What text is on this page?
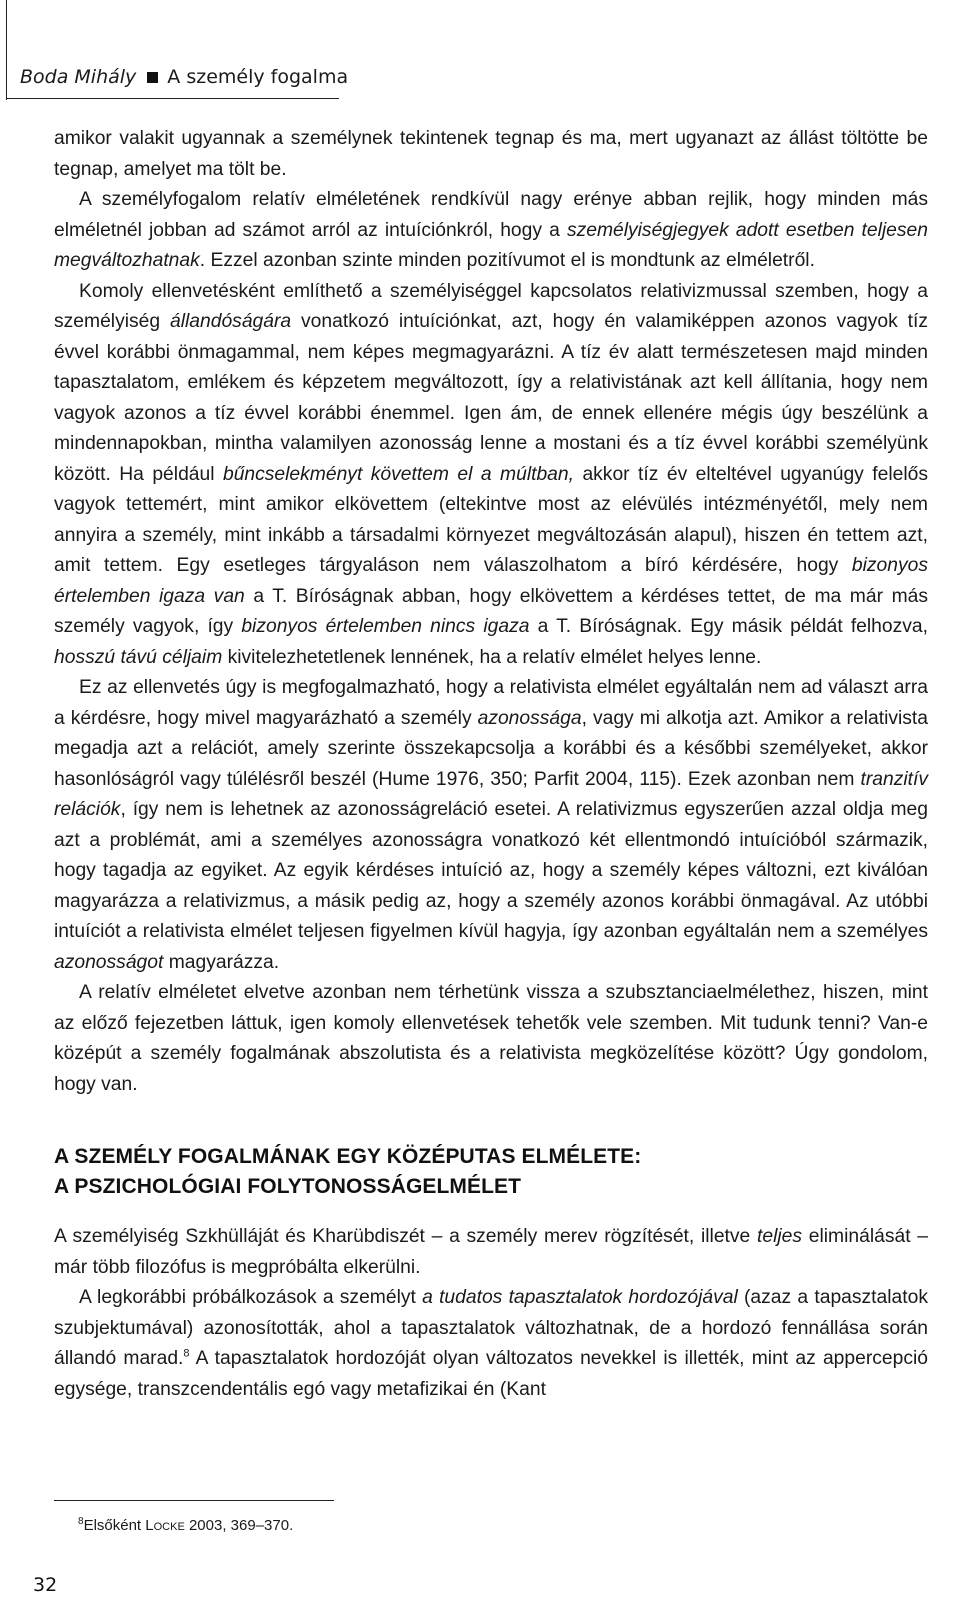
Boda Mihály A személy fogalma

amikor valakit ugyannak a személynek tekintenek tegnap és ma, mert ugyanazt az állást töltötte be tegnap, amelyet ma tölt be.

A személyfogalom relatív elméletének rendkívül nagy erénye abban rejlik, hogy minden más elméletnél jobban ad számot arról az intuíciónkról, hogy a személyiségjegyek adott esetben teljesen megváltozhatnak. Ezzel azonban szinte minden pozitívumot el is mondtunk az elméletről.

Komoly ellenvetésként említhető a személyiséggel kapcsolatos relativizmussal szemben, hogy a személyiség állandóságára vonatkozó intuíciónkat, azt, hogy én valamiképpen azonos vagyok tíz évvel korábbi önmagammal, nem képes megmagyarázni. A tíz év alatt természetesen majd minden tapasztalatom, emlékem és képzetem megváltozott, így a relativistának azt kell állítania, hogy nem vagyok azonos a tíz évvel korábbi énemmel. Igen ám, de ennek ellenére mégis úgy beszélünk a mindennapokban, mintha valamilyen azonosság lenne a mostani és a tíz évvel korábbi személyünk között. Ha például bűncselekményt követtem el a múltban, akkor tíz év elteltével ugyanúgy felelős vagyok tettemért, mint amikor elkövettem (eltekintve most az elévülés intézményétől, mely nem annyira a személy, mint inkább a társadalmi környezet megváltozásán alapul), hiszen én tettem azt, amit tettem. Egy esetleges tárgyaláson nem válaszolhatom a bíró kérdésére, hogy bizonyos értelemben igaza van a T. Bíróságnak abban, hogy elkövettem a kérdéses tettet, de ma már más személy vagyok, így bizonyos értelemben nincs igaza a T. Bíróságnak. Egy másik példát felhozva, hosszú távú céljaim kivitelezhetetlenek lennének, ha a relatív elmélet helyes lenne.

Ez az ellenvetés úgy is megfogalmazható, hogy a relativista elmélet egyáltalán nem ad választ arra a kérdésre, hogy mivel magyarázható a személy azonossága, vagy mi alkotja azt. Amikor a relativista megadja azt a relációt, amely szerinte összekapcsolja a korábbi és a későbbi személyeket, akkor hasonlóságról vagy túlélésről beszél (Hume 1976, 350; Parfit 2004, 115). Ezek azonban nem tranzitív relációk, így nem is lehetnek az azonosságreláció esetei. A relativizmus egyszerűen azzal oldja meg azt a problémát, ami a személyes azonosságra vonatkozó két ellentmondó intuícióból származik, hogy tagadja az egyiket. Az egyik kérdéses intuíció az, hogy a személy képes változni, ezt kiválóan magyarázza a relativizmus, a másik pedig az, hogy a személy azonos korábbi önmagával. Az utóbbi intuíciót a relativista elmélet teljesen figyelmen kívül hagyja, így azonban egyáltalán nem a személyes azonosságot magyarázza.

A relatív elméletet elvetve azonban nem térhetünk vissza a szubsztanciaelmélethez, hiszen, mint az előző fejezetben láttuk, igen komoly ellenvetések tehetők vele szemben. Mit tudunk tenni? Van-e középút a személy fogalmának abszolutista és a relativista megközelítése között? Úgy gondolom, hogy van.

A SZEMÉLY FOGALMÁNAK EGY KÖZÉPUTAS ELMÉLETE:
A PSZICHOLÓGIAI FOLYTONOSSÁGELMÉLET

A személyiség Szkhülláját és Kharübdiszét – a személy merev rögzítését, illetve teljes eliminálását – már több filozófus is megpróbálta elkerülni.

A legkorábbi próbálkozások a személyt a tudatos tapasztalatok hordozójával (azaz a tapasztalatok szubjektumával) azonosították, ahol a tapasztalatok változhatnak, de a hordozó fennállása során állandó marad.$^8$ A tapasztalatok hordozóját olyan változatos nevekkel is illették, mint az appercepció egysége, transzcendentális egó vagy metafizikai én (Kant

$^8$Elsőként Locke 2003, 369–370.
32
